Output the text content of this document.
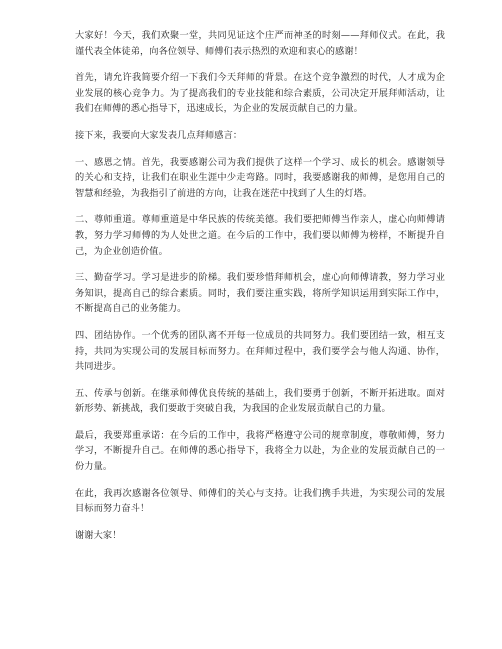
大家好！今天，我们欢聚一堂，共同见证这个庄严而神圣的时刻——拜师仪式。在此，我谨代表全体徒弟，向各位领导、师傅们表示热烈的欢迎和衷心的感谢！

首先，请允许我简要介绍一下我们今天拜师的背景。在这个竞争激烈的时代，人才成为企业发展的核心竞争力。为了提高我们的专业技能和综合素质，公司决定开展拜师活动，让我们在师傅的悉心指导下，迅速成长，为企业的发展贡献自己的力量。

接下来，我要向大家发表几点拜师感言：

一、感恩之情。首先，我要感谢公司为我们提供了这样一个学习、成长的机会。感谢领导的关心和支持，让我们在职业生涯中少走弯路。同时，我要感谢我的师傅，是您用自己的智慧和经验，为我指引了前进的方向，让我在迷茫中找到了人生的灯塔。

二、尊师重道。尊师重道是中华民族的传统美德。我们要把师傅当作亲人，虚心向师傅请教，努力学习师傅的为人处世之道。在今后的工作中，我们要以师傅为榜样，不断提升自己，为企业创造价值。

三、勤奋学习。学习是进步的阶梯。我们要珍惜拜师机会，虚心向师傅请教，努力学习业务知识，提高自己的综合素质。同时，我们要注重实践，将所学知识运用到实际工作中，不断提高自己的业务能力。

四、团结协作。一个优秀的团队离不开每一位成员的共同努力。我们要团结一致，相互支持，共同为实现公司的发展目标而努力。在拜师过程中，我们要学会与他人沟通、协作，共同进步。

五、传承与创新。在继承师傅优良传统的基础上，我们要勇于创新，不断开拓进取。面对新形势、新挑战，我们要敢于突破自我，为我国的企业发展贡献自己的力量。

最后，我要郑重承诺：在今后的工作中，我将严格遵守公司的规章制度，尊敬师傅，努力学习，不断提升自己。在师傅的悉心指导下，我将全力以赴，为企业的发展贡献自己的一份力量。

在此，我再次感谢各位领导、师傅们的关心与支持。让我们携手共进，为实现公司的发展目标而努力奋斗！

谢谢大家！
